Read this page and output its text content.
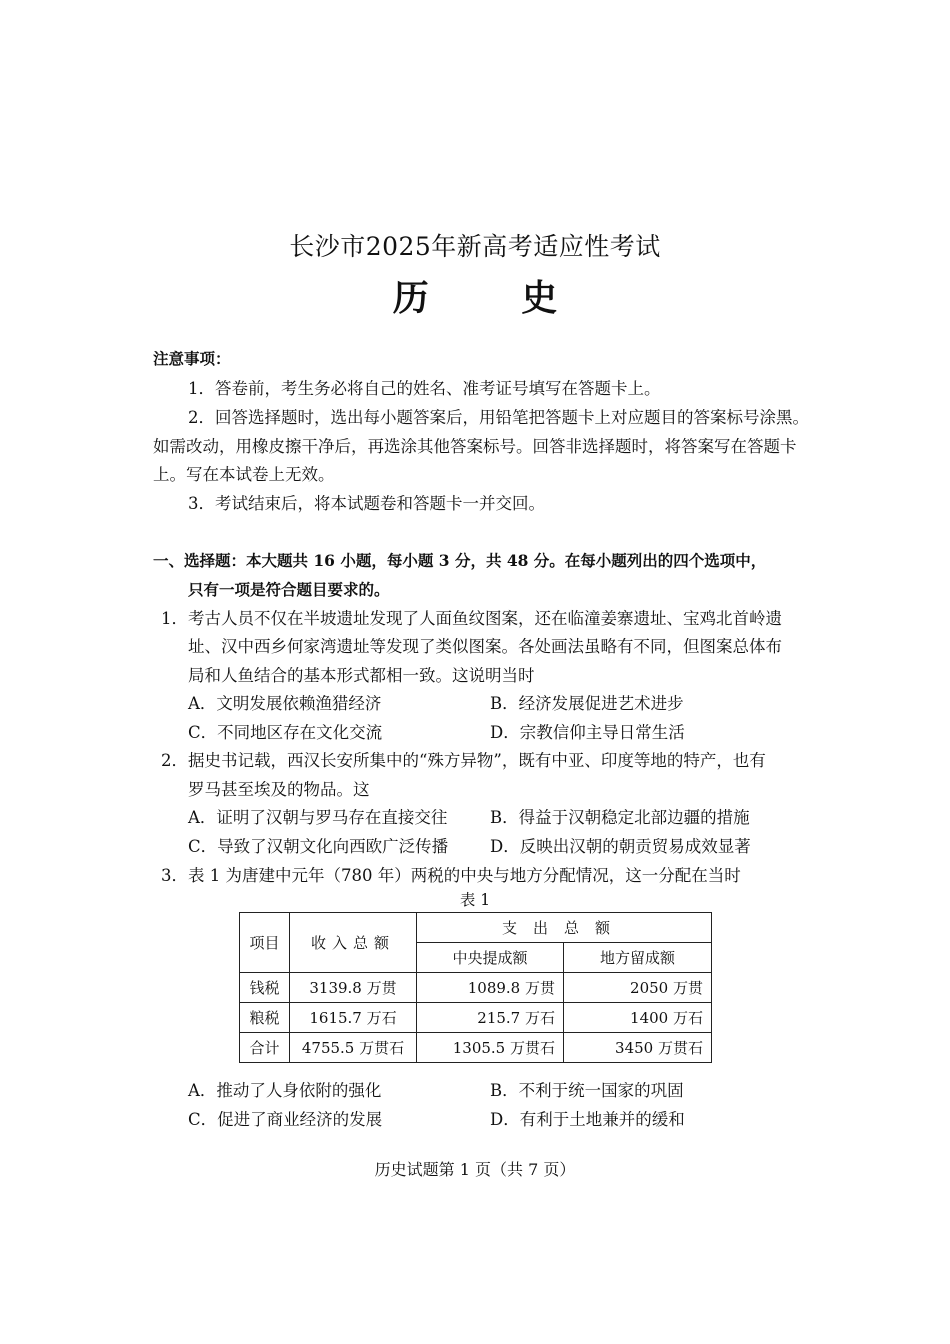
长沙市2025年新高考适应性考试
历 史
注意事项：
1．答卷前，考生务必将自己的姓名、准考证号填写在答题卡上。
2．回答选择题时，选出每小题答案后，用铅笔把答题卡上对应题目的答案标号涂黑。
如需改动，用橡皮擦干净后，再选涂其他答案标号。回答非选择题时，将答案写在答题卡
上。写在本试卷上无效。
3．考试结束后，将本试题卷和答题卡一并交回。
一、选择题：本大题共 16 小题，每小题 3 分，共 48 分。在每小题列出的四个选项中，
只有一项是符合题目要求的。
1． 考古人员不仅在半坡遗址发现了人面鱼纹图案，还在临潼姜寨遗址、宝鸡北首岭遗
址、汉中西乡何家湾遗址等发现了类似图案。各处画法虽略有不同，但图案总体布
局和人鱼结合的基本形式都相一致。这说明当时
A．文明发展依赖渔猎经济	B．经济发展促进艺术进步
C．不同地区存在文化交流	D．宗教信仰主导日常生活
2． 据史书记载，西汉长安所集中的“殊方异物”，既有中亚、印度等地的特产，也有
罗马甚至埃及的物品。这
A．证明了汉朝与罗马存在直接交往	B．得益于汉朝稳定北部边疆的措施
C．导致了汉朝文化向西欧广泛传播	D．反映出汉朝的朝贡贸易成效显著
3． 表 1 为唐建中元年（780 年）两税的中央与地方分配情况，这一分配在当时
表 1
项目	收入总额	支出总额	
		中央提成额	地方留成额
钱税	3139.8 万贯	1089.8 万贯	2050 万贯
粮税	1615.7 万石	215.7 万石	1400 万石
合计	4755.5 万贯石	1305.5 万贯石	3450 万贯石
A．推动了人身依附的强化	B．不利于统一国家的巩固
C．促进了商业经济的发展	D．有利于土地兼并的缓和
历史试题第 1 页（共 7 页）
